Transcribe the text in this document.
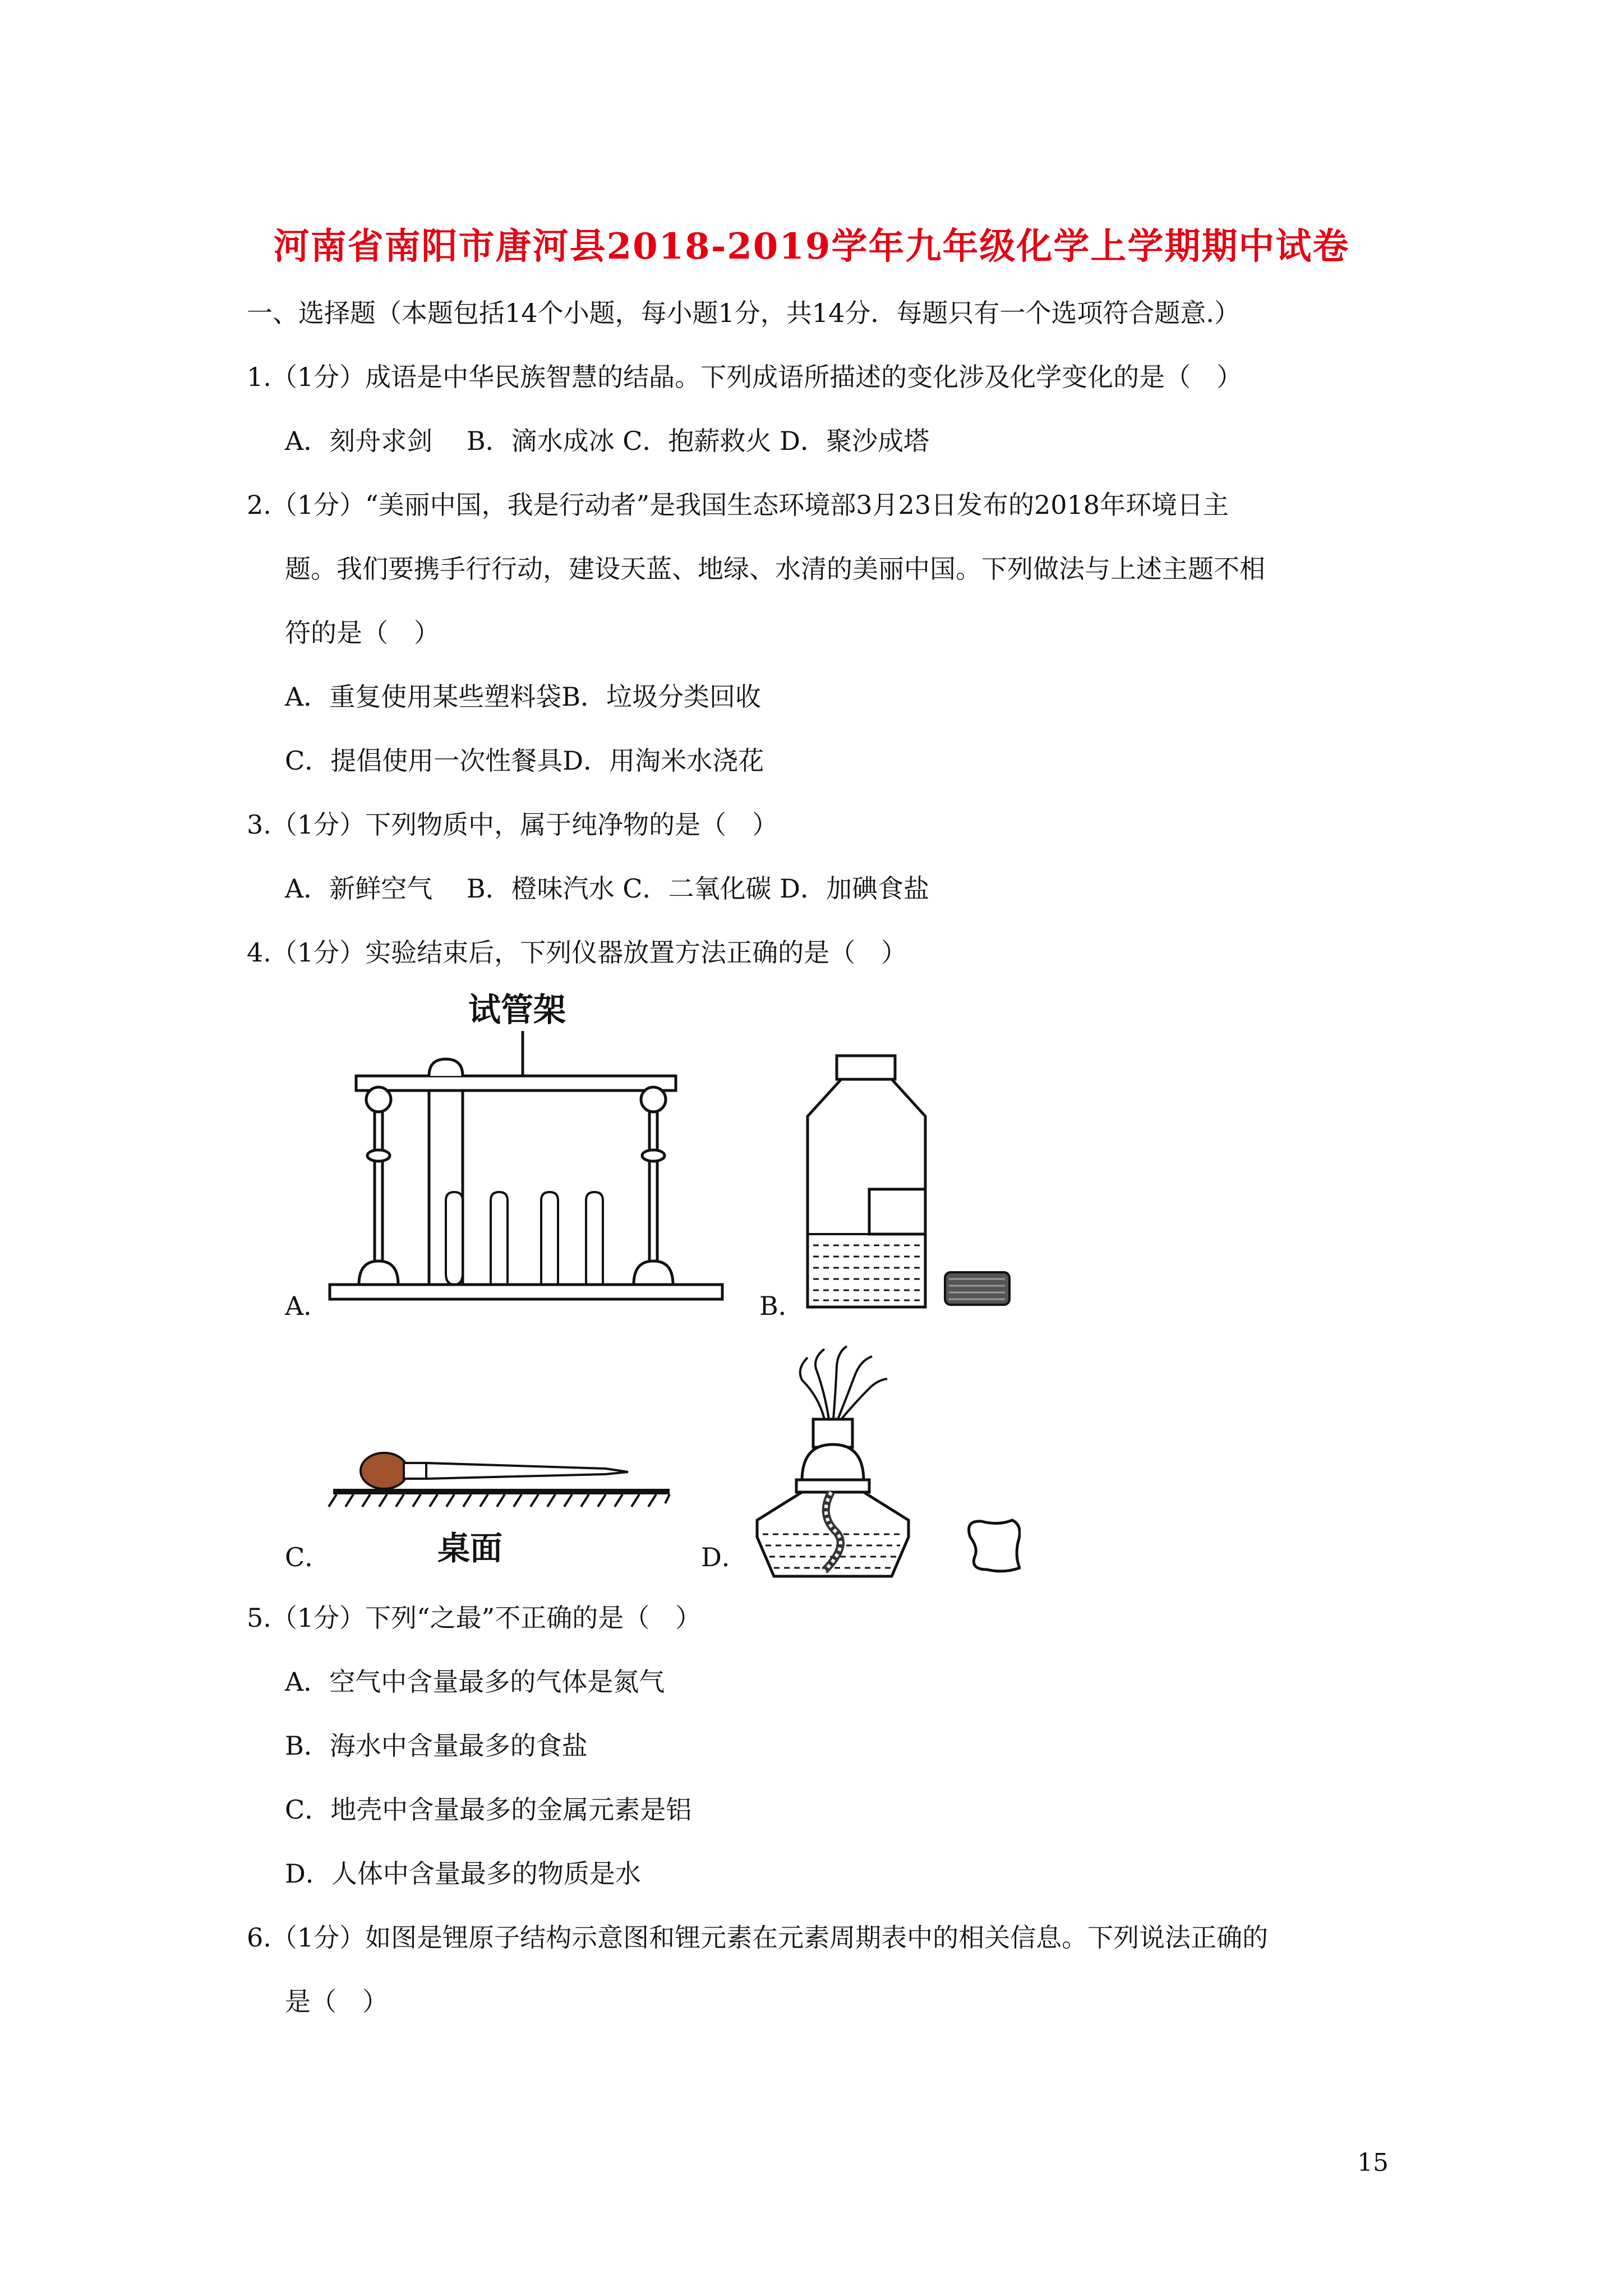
河南省南阳市唐河县2018-2019学年九年级化学上学期期中试卷
一、选择题（本题包括14个小题，每小题1分，共14分．每题只有一个选项符合题意.）
1.（1分）成语是中华民族智慧的结晶。下列成语所描述的变化涉及化学变化的是（　）
A．刻舟求剑　 B．滴水成冰 C．抱薪救火 D．聚沙成塔
2.（1分）“美丽中国，我是行动者”是我国生态环境部3月23日发布的2018年环境日主
题。我们要携手行行动，建设天蓝、地绿、水清的美丽中国。下列做法与上述主题不相
符的是（　）
A．重复使用某些塑料袋B．垃圾分类回收
C．提倡使用一次性餐具D．用淘米水浇花
3.（1分）下列物质中，属于纯净物的是（　）
A．新鲜空气　 B．橙味汽水 C．二氧化碳 D．加碘食盐
4.（1分）实验结束后，下列仪器放置方法正确的是（　）
试管架
A．	B．
桌面
C．	D．
5.（1分）下列“之最”不正确的是（　）
A．空气中含量最多的气体是氮气
B．海水中含量最多的食盐
C．地壳中含量最多的金属元素是铝
D．人体中含量最多的物质是水
6.（1分）如图是锂原子结构示意图和锂元素在元素周期表中的相关信息。下列说法正确的
是（　）
15
